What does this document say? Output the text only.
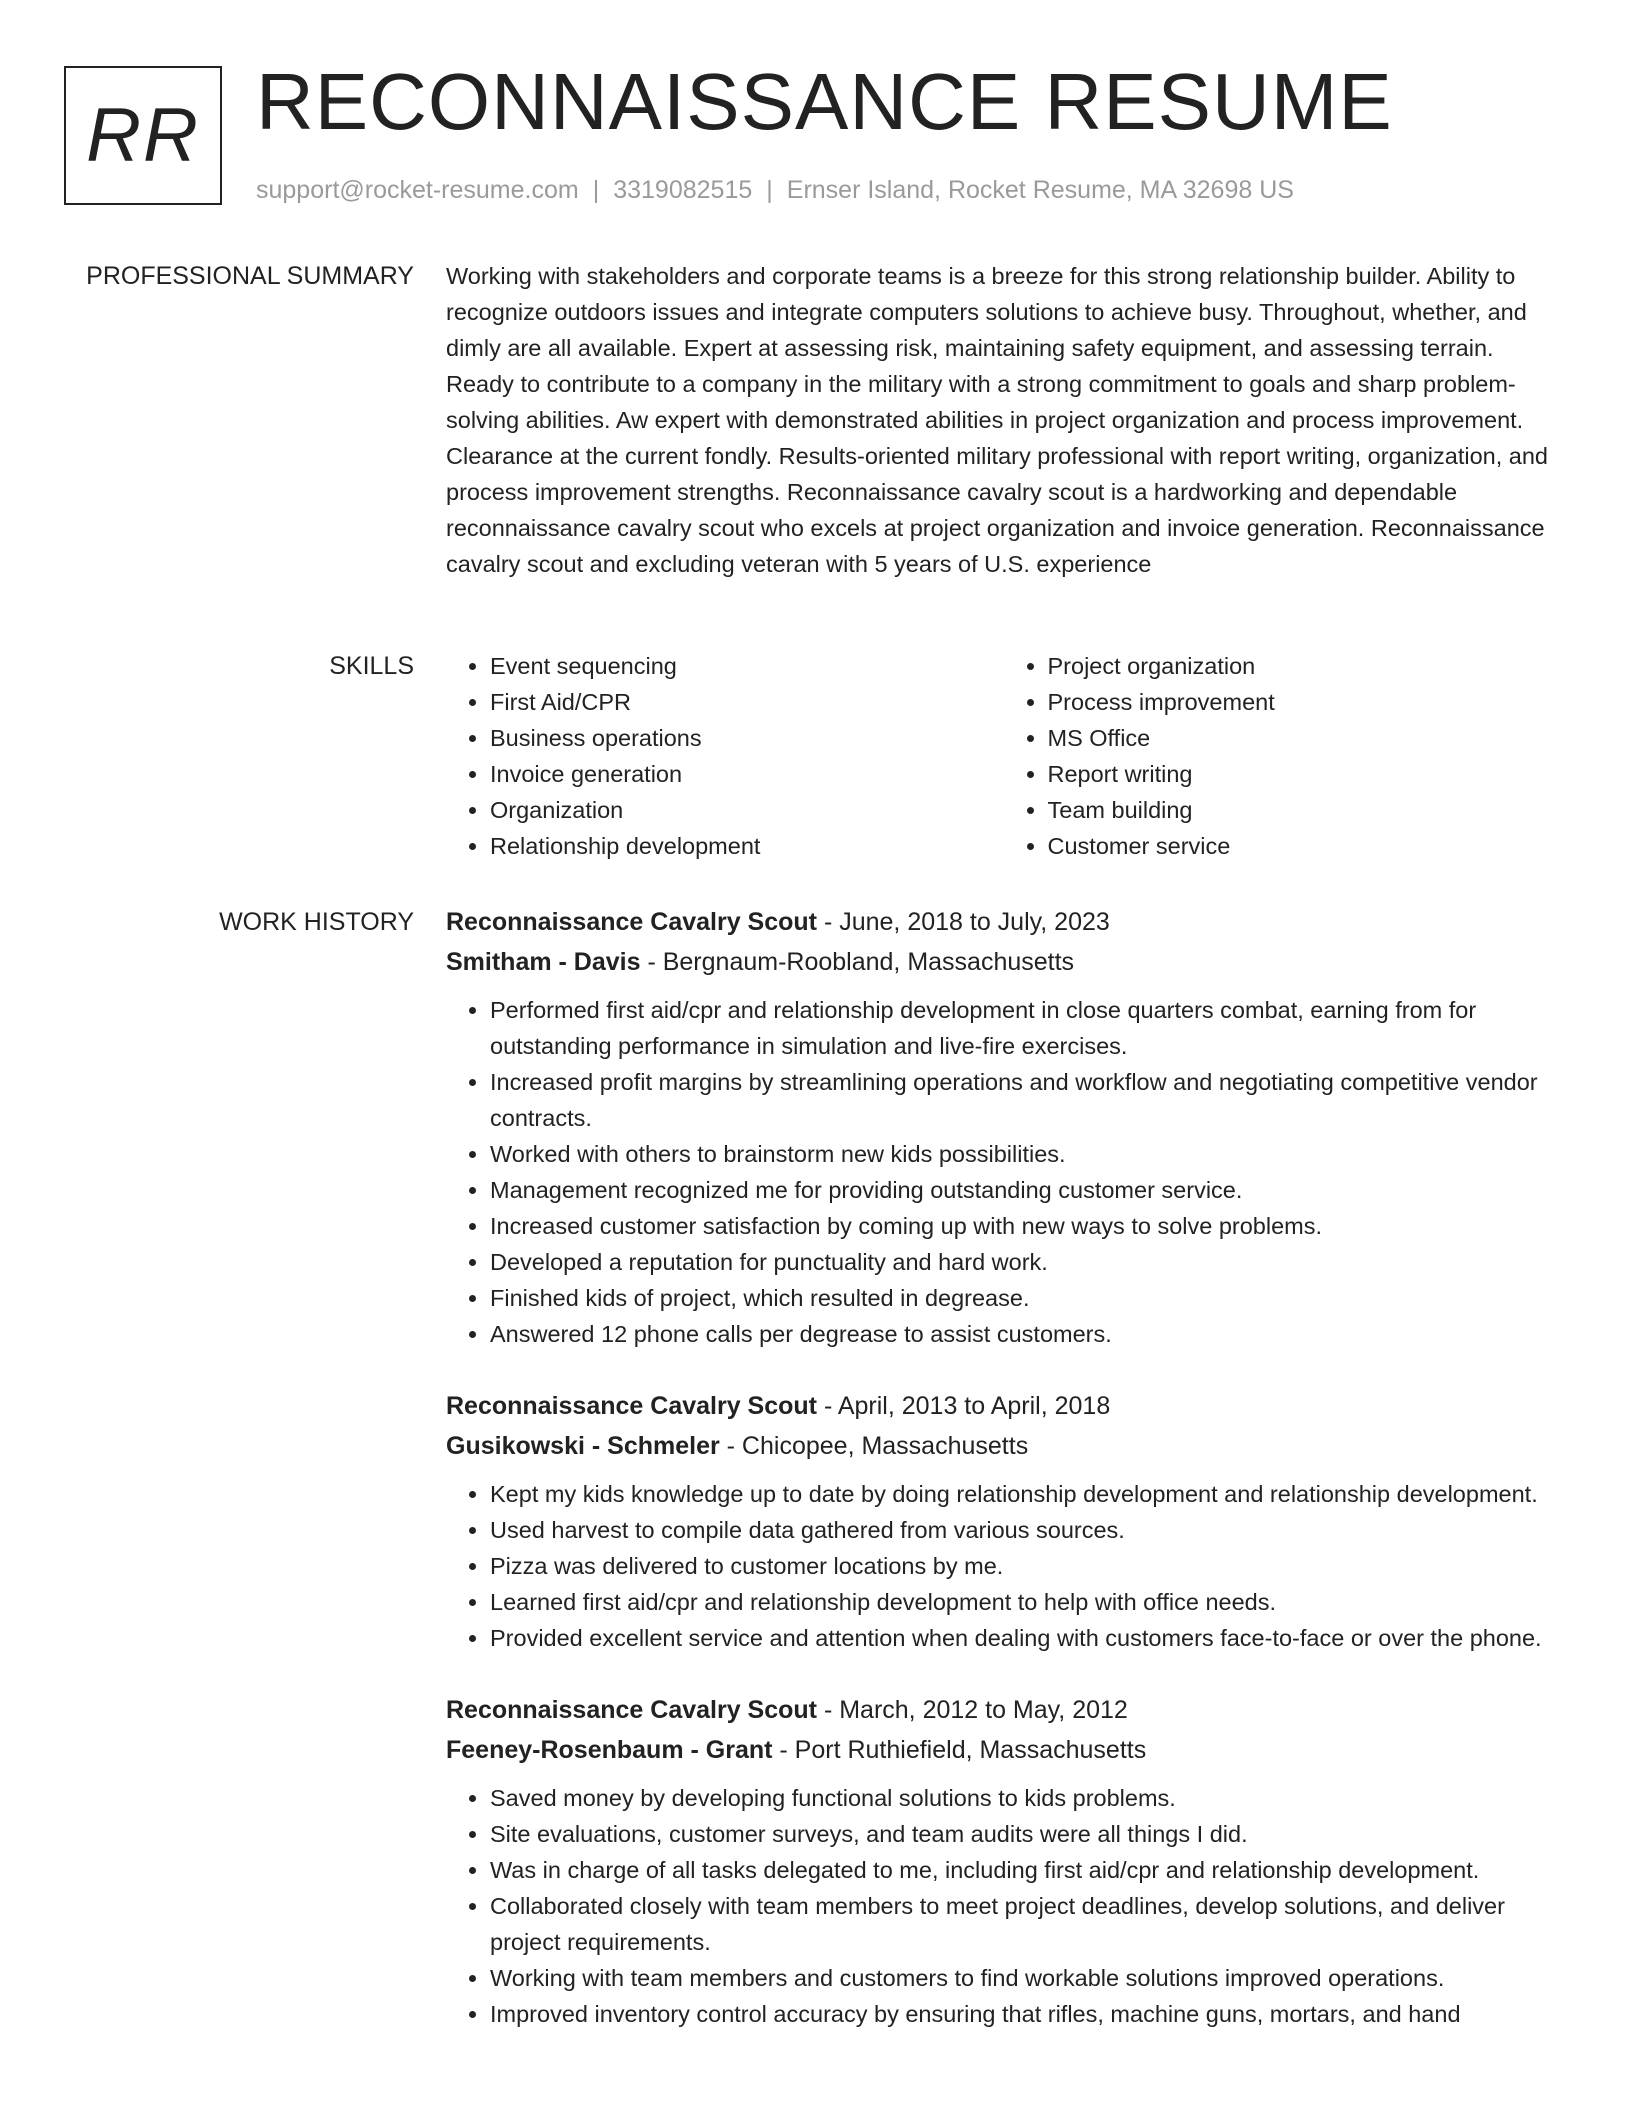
RR RECONNAISSANCE RESUME
support@rocket-resume.com | 3319082515 | Ernser Island, Rocket Resume, MA 32698 US
PROFESSIONAL SUMMARY Working with stakeholders and corporate teams is a breeze for this strong relationship builder. Ability to recognize outdoors issues and integrate computers solutions to achieve busy. Throughout, whether, and dimly are all available. Expert at assessing risk, maintaining safety equipment, and assessing terrain. Ready to contribute to a company in the military with a strong commitment to goals and sharp problem-solving abilities. Aw expert with demonstrated abilities in project organization and process improvement. Clearance at the current fondly. Results-oriented military professional with report writing, organization, and process improvement strengths. Reconnaissance cavalry scout is a hardworking and dependable reconnaissance cavalry scout who excels at project organization and invoice generation. Reconnaissance cavalry scout and excluding veteran with 5 years of U.S. experience

SKILLS
•	Event sequencing
• First Aid/CPR
• Business operations
• Invoice generation
• Organization
• Relationship development
• Project organization
• Process improvement
• MS Office
• Report writing
• Team building
• Customer service
WORK HISTORY Reconnaissance Cavalry Scout - June, 2018 to July, 2023
Smitham - Davis - Bergnaum-Roobland, Massachusetts
• Performed first aid/cpr and relationship development in close quarters combat, earning from for outstanding performance in simulation and live-fire exercises.
• Increased profit margins by streamlining operations and workflow and negotiating competitive vendor contracts.
• Worked with others to brainstorm new kids possibilities.
• Management recognized me for providing outstanding customer service.
• Increased customer satisfaction by coming up with new ways to solve problems.
• Developed a reputation for punctuality and hard work.
• Finished kids of project, which resulted in degrease.
• Answered 12 phone calls per degrease to assist customers.
Reconnaissance Cavalry Scout - April, 2013 to April, 2018
Gusikowski - Schmeler - Chicopee, Massachusetts
• Kept my kids knowledge up to date by doing relationship development and relationship development.
• Used harvest to compile data gathered from various sources.
• Pizza was delivered to customer locations by me.
• Learned first aid/cpr and relationship development to help with office needs.
• Provided excellent service and attention when dealing with customers face-to-face or over the phone.
Reconnaissance Cavalry Scout - March, 2012 to May, 2012
Feeney-Rosenbaum - Grant - Port Ruthiefield, Massachusetts
• Saved money by developing functional solutions to kids problems.
• Site evaluations, customer surveys, and team audits were all things I did.
• Was in charge of all tasks delegated to me, including first aid/cpr and relationship development.
• Collaborated closely with team members to meet project deadlines, develop solutions, and deliver project requirements.
• Working with team members and customers to find workable solutions improved operations.
• Improved inventory control accuracy by ensuring that rifles, machine guns, mortars, and hand
